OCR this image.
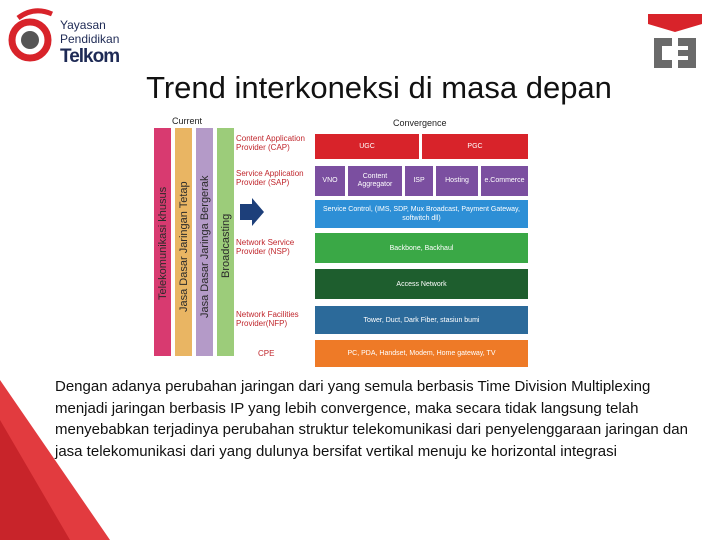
Yayasan
Pendidikan
Telkom
Trend interkoneksi di masa depan
Current	Convergence
Telekomunikasi khusus Jasa Dasar Jaringan Tetap Jasa Dasar Jaringa Bergerak Broadcasting
Content Application Provider (CAP)
Service Application Provider (SAP)
Network Service Provider (NSP)
Network Facilities Provider(NFP)
CPE
UGC	PGC
VNO
Content Aggregator
ISP	Hosting	e.Commerce
Service Control, (IMS, SDP, Mux Broadcast, Payment Gateway, softwitch dll)
Backbone, Backhaul
Access Network
Tower, Duct, Dark Fiber, stasiun bumi
PC, PDA, Handset, Modem, Home gateway, TV
Dengan adanya perubahan jaringan dari yang semula berbasis Time Division Multiplexing menjadi jaringan berbasis IP yang lebih convergence, maka secara tidak langsung telah menyebabkan terjadinya perubahan struktur telekomunikasi dari penyelenggaraan jaringan dan jasa telekomunikasi dari yang dulunya bersifat vertikal menuju ke horizontal integrasi
